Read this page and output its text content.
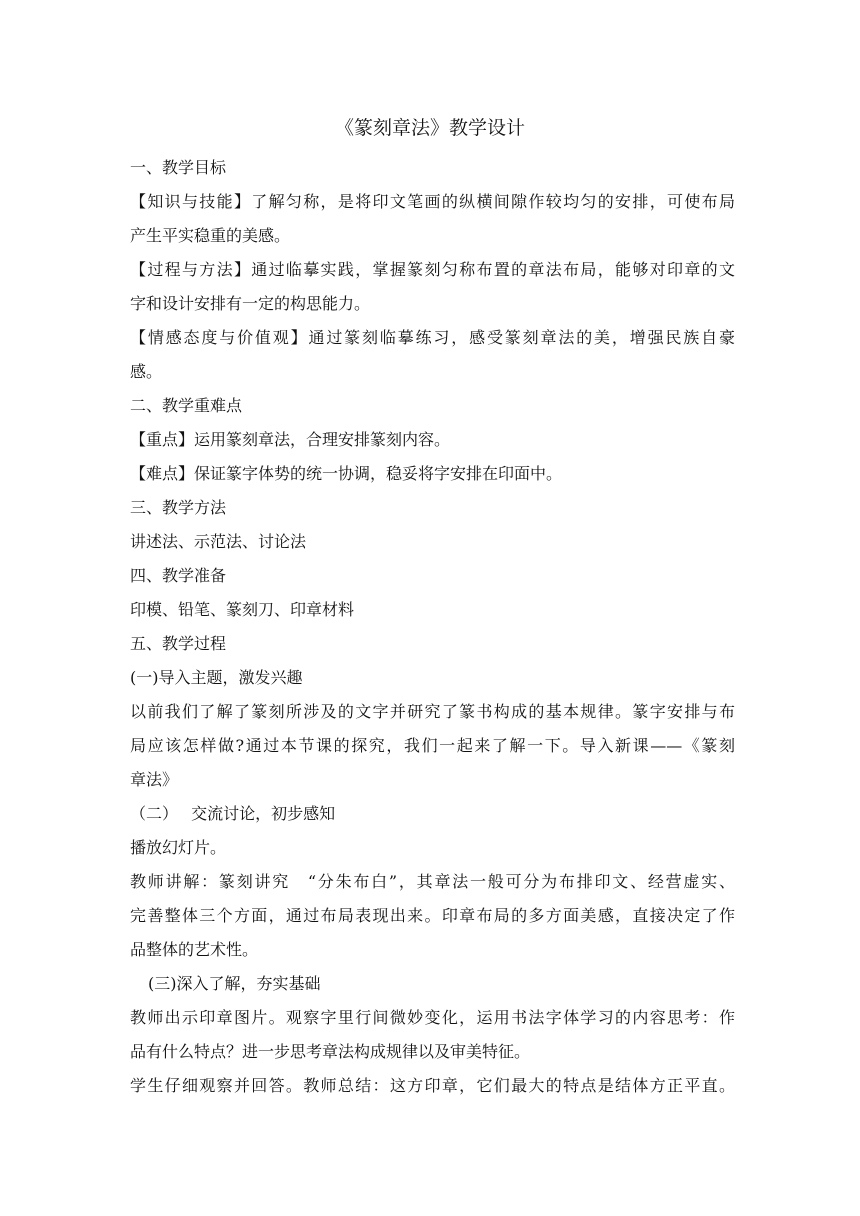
《篆刻章法》教学设计
一、教学目标
【知识与技能】了解匀称，是将印文笔画的纵横间隙作较均匀的安排，可使布局
产生平实稳重的美感。
【过程与方法】通过临摹实践，掌握篆刻匀称布置的章法布局，能够对印章的文
字和设计安排有一定的构思能力。
【情感态度与价值观】通过篆刻临摹练习，感受篆刻章法的美，增强民族自豪
感。
二、教学重难点
【重点】运用篆刻章法，合理安排篆刻内容。
【难点】保证篆字体势的统一协调，稳妥将字安排在印面中。
三、教学方法
讲述法、示范法、讨论法
四、教学准备
印模、铅笔、篆刻刀、印章材料
五、教学过程
(一)导入主题，激发兴趣
以前我们了解了篆刻所涉及的文字并研究了篆书构成的基本规律。篆字安排与布
局应该怎样做?通过本节课的探究，我们一起来了解一下。导入新课——《篆刻
章法》
（二）　 交流讨论，初步感知
播放幻灯片。
教师讲解：篆刻讲究　“分朱布白”，其章法一般可分为布排印文、经营虚实、
完善整体三个方面，通过布局表现出来。印章布局的多方面美感，直接决定了作
品整体的艺术性。
(三)深入了解，夯实基础
教师出示印章图片。观察字里行间微妙变化，运用书法字体学习的内容思考：作
品有什么特点？进一步思考章法构成规律以及审美特征。
学生仔细观察并回答。教师总结：这方印章，它们最大的特点是结体方正平直。
